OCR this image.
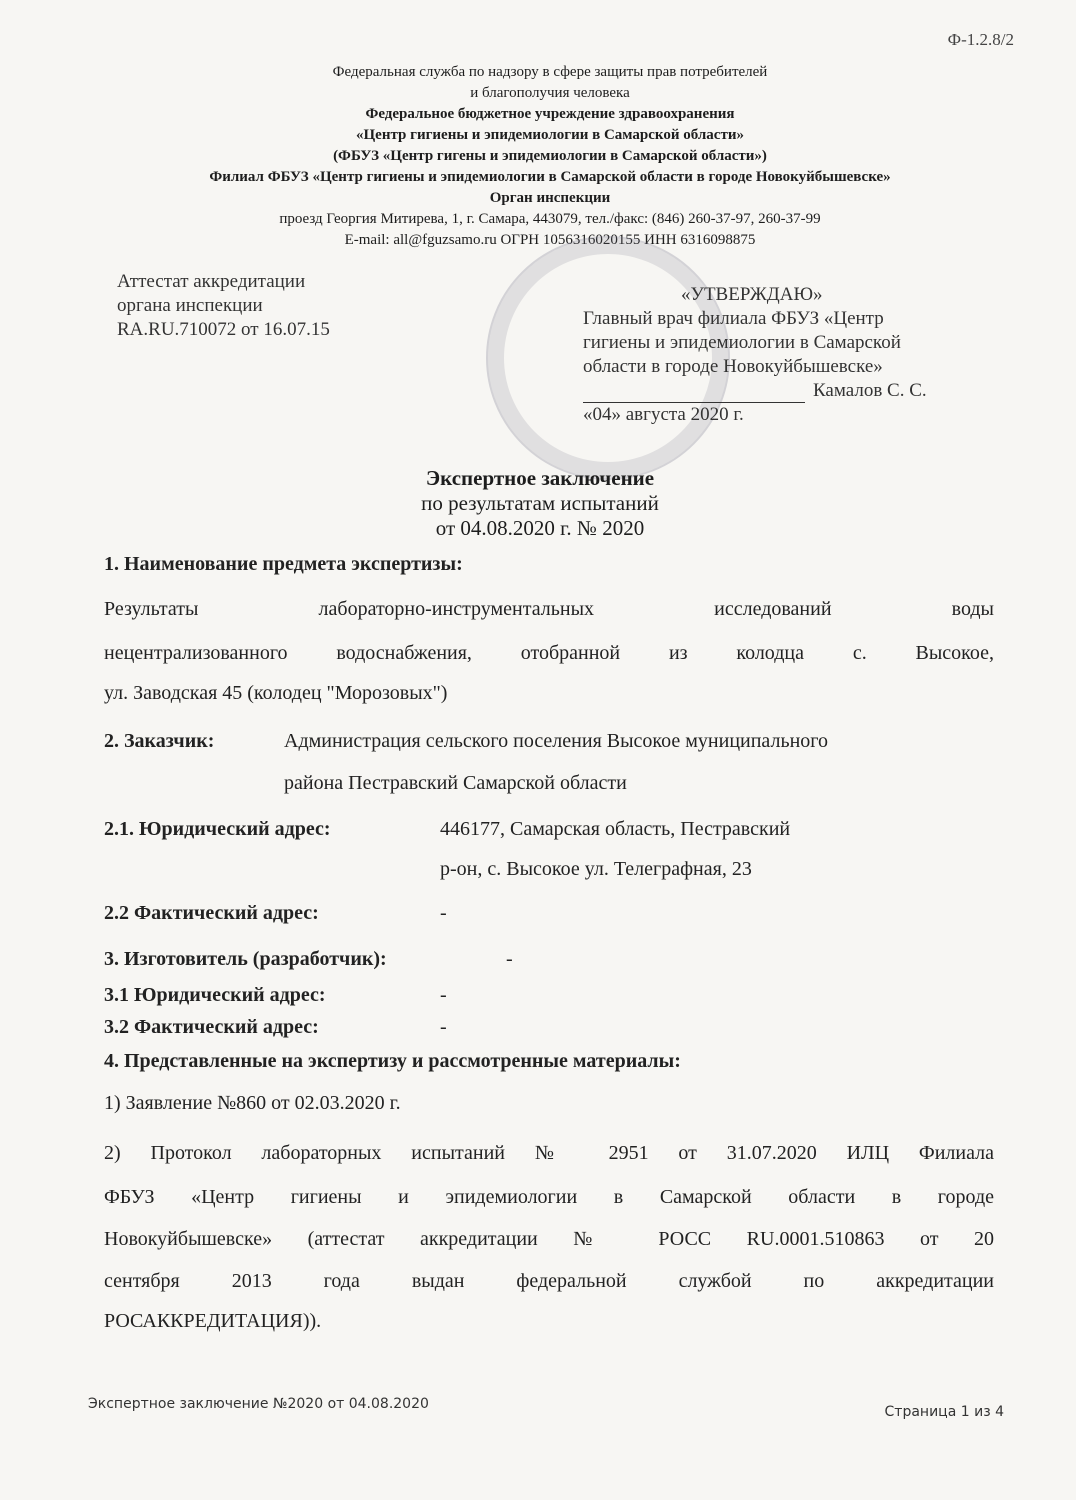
Ф-1.2.8/2
Федеральная служба по надзору в сфере защиты прав потребителей
и благополучия человека
Федеральное бюджетное учреждение здравоохранения
«Центр гигиены и эпидемиологии в Самарской области»
(ФБУЗ «Центр гигены и эпидемиологии в Самарской области»)
Филиал ФБУЗ «Центр гигиены и эпидемиологии в Самарской области в городе Новокуйбышевске»
Орган инспекции
проезд Георгия Митирева, 1, г. Самара, 443079, тел./факс: (846) 260-37-97, 260-37-99
E-mail: all@fguzsamo.ru ОГРН 1056316020155 ИНН 6316098875
Аттестат аккредитации
органа инспекции
RA.RU.710072 от 16.07.15
«УТВЕРЖДАЮ»
Главный врач филиала ФБУЗ «Центр
гигиены и эпидемиологии в Самарской
области в городе Новокуйбышевске»
Камалов С. С.
«04» августа 2020 г.
Экспертное заключение
по результатам испытаний
от 04.08.2020 г. № 2020
1. Наименование предмета экспертизы:
Результаты лабораторно-инструментальных исследований воды
нецентрализованного водоснабжения, отобранной из колодца с. Высокое,
ул. Заводская 45 (колодец "Морозовых")
2. Заказчик:	Администрация сельского поселения Высокое муниципального
района Пестравский Самарской области
2.1. Юридический адрес:	446177, Самарская область, Пестравский
р-он, с. Высокое ул. Телеграфная, 23
2.2 Фактический адрес:	-
3. Изготовитель (разработчик):	-
3.1 Юридический адрес:	-
3.2 Фактический адрес:	-
4. Представленные на экспертизу и рассмотренные материалы:
1) Заявление №860 от 02.03.2020 г.
2) Протокол лабораторных испытаний № 2951 от 31.07.2020 ИЛЦ Филиала
ФБУЗ «Центр гигиены и эпидемиологии в Самарской области в городе
Новокуйбышевске» (аттестат аккредитации № РОСС RU.0001.510863 от 20
сентября 2013 года выдан федеральной службой по аккредитации
РОСАККРЕДИТАЦИЯ)).
Экспертное заключение №2020 от 04.08.2020	Страница 1 из 4
